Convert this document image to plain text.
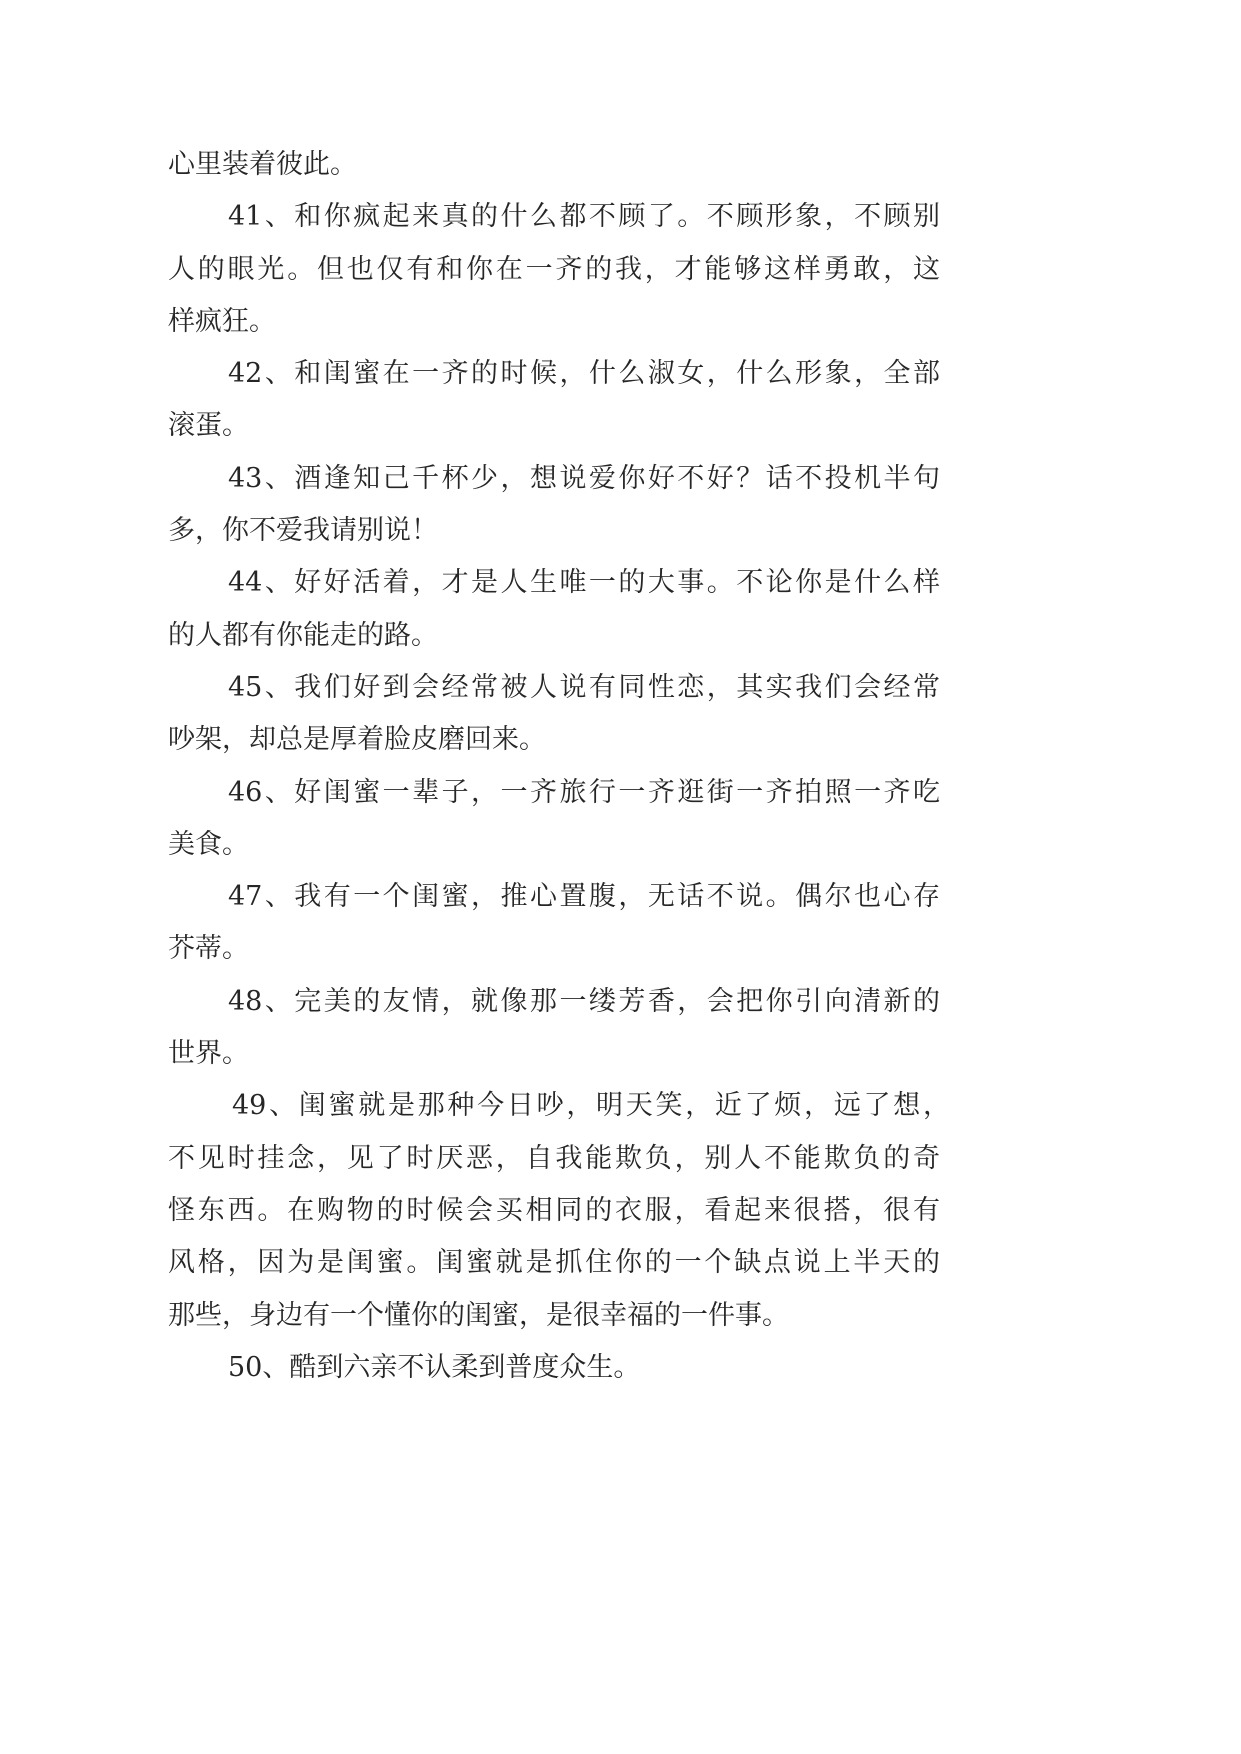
心里装着彼此。
41、和你疯起来真的什么都不顾了。不顾形象，不顾别
人的眼光。但也仅有和你在一齐的我，才能够这样勇敢，这
样疯狂。
42、和闺蜜在一齐的时候，什么淑女，什么形象，全部
滚蛋。
43、酒逢知己千杯少，想说爱你好不好？话不投机半句
多，你不爱我请别说！
44、好好活着，才是人生唯一的大事。不论你是什么样
的人都有你能走的路。
45、我们好到会经常被人说有同性恋，其实我们会经常
吵架，却总是厚着脸皮磨回来。
46、好闺蜜一辈子，一齐旅行一齐逛街一齐拍照一齐吃
美食。
47、我有一个闺蜜，推心置腹，无话不说。偶尔也心存
芥蒂。
48、完美的友情，就像那一缕芳香，会把你引向清新的
世界。
49、闺蜜就是那种今日吵，明天笑，近了烦，远了想，
不见时挂念，见了时厌恶，自我能欺负，别人不能欺负的奇
怪东西。在购物的时候会买相同的衣服，看起来很搭，很有
风格，因为是闺蜜。闺蜜就是抓住你的一个缺点说上半天的
那些，身边有一个懂你的闺蜜，是很幸福的一件事。
50、酷到六亲不认柔到普度众生。
